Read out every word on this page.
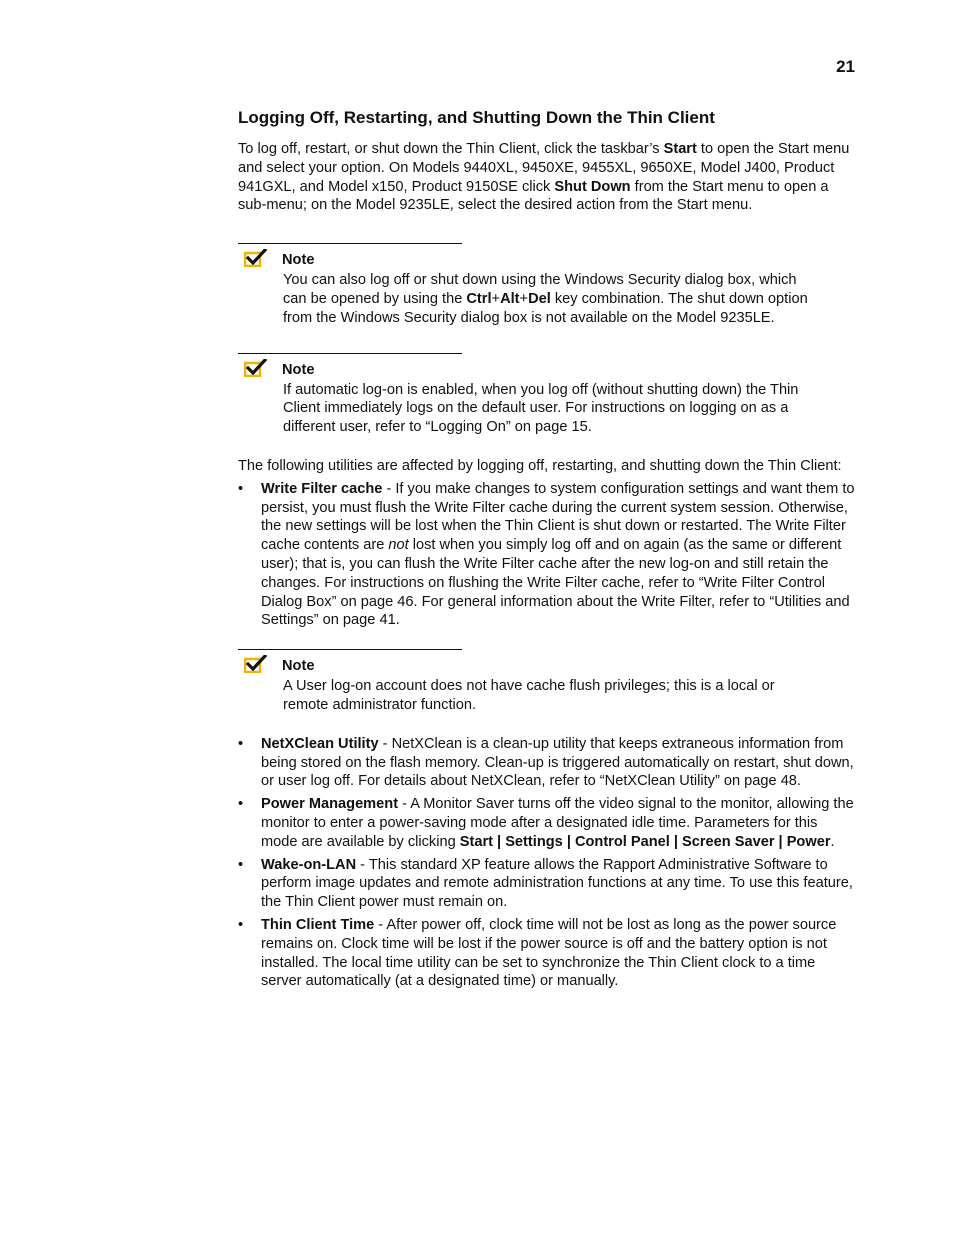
21
Logging Off, Restarting, and Shutting Down the Thin Client

To log off, restart, or shut down the Thin Client, click the taskbar’s Start to open the Start menu and select your option. On Models 9440XL, 9450XE, 9455XL, 9650XE, Model J400, Product 941GXL, and Model x150, Product 9150SE click Shut Down from the Start menu to open a sub-menu; on the Model 9235LE, select the desired action from the Start menu.

Note

You can also log off or shut down using the Windows Security dialog box, which can be opened by using the Ctrl+Alt+Del key combination. The shut down option from the Windows Security dialog box is not available on the Model 9235LE.

Note

If automatic log-on is enabled, when you log off (without shutting down) the Thin Client immediately logs on the default user. For instructions on logging on as a different user, refer to “Logging On” on page 15.

The following utilities are affected by logging off, restarting, and shutting down the Thin Client:

• Write Filter cache - If you make changes to system configuration settings and want them to persist, you must flush the Write Filter cache during the current system session. Otherwise, the new settings will be lost when the Thin Client is shut down or restarted. The Write Filter cache contents are not lost when you simply log off and on again (as the same or different user); that is, you can flush the Write Filter cache after the new log-on and still retain the changes. For instructions on flushing the Write Filter cache, refer to “Write Filter Control Dialog Box” on page 46. For general information about the Write Filter, refer to “Utilities and Settings” on page 41.
Note

A User log-on account does not have cache flush privileges; this is a local or remote administrator function.

• NetXClean Utility - NetXClean is a clean-up utility that keeps extraneous information from being stored on the flash memory. Clean-up is triggered automatically on restart, shut down, or user log off. For details about NetXClean, refer to “NetXClean Utility” on page 48.
• Power Management - A Monitor Saver turns off the video signal to the monitor, allowing the monitor to enter a power-saving mode after a designated idle time. Parameters for this mode are available by clicking Start | Settings | Control Panel | Screen Saver | Power.
• Wake-on-LAN - This standard XP feature allows the Rapport Administrative Software to perform image updates and remote administration functions at any time. To use this feature, the Thin Client power must remain on.
• Thin Client Time - After power off, clock time will not be lost as long as the power source remains on. Clock time will be lost if the power source is off and the battery option is not installed. The local time utility can be set to synchronize the Thin Client clock to a time server automatically (at a designated time) or manually.
